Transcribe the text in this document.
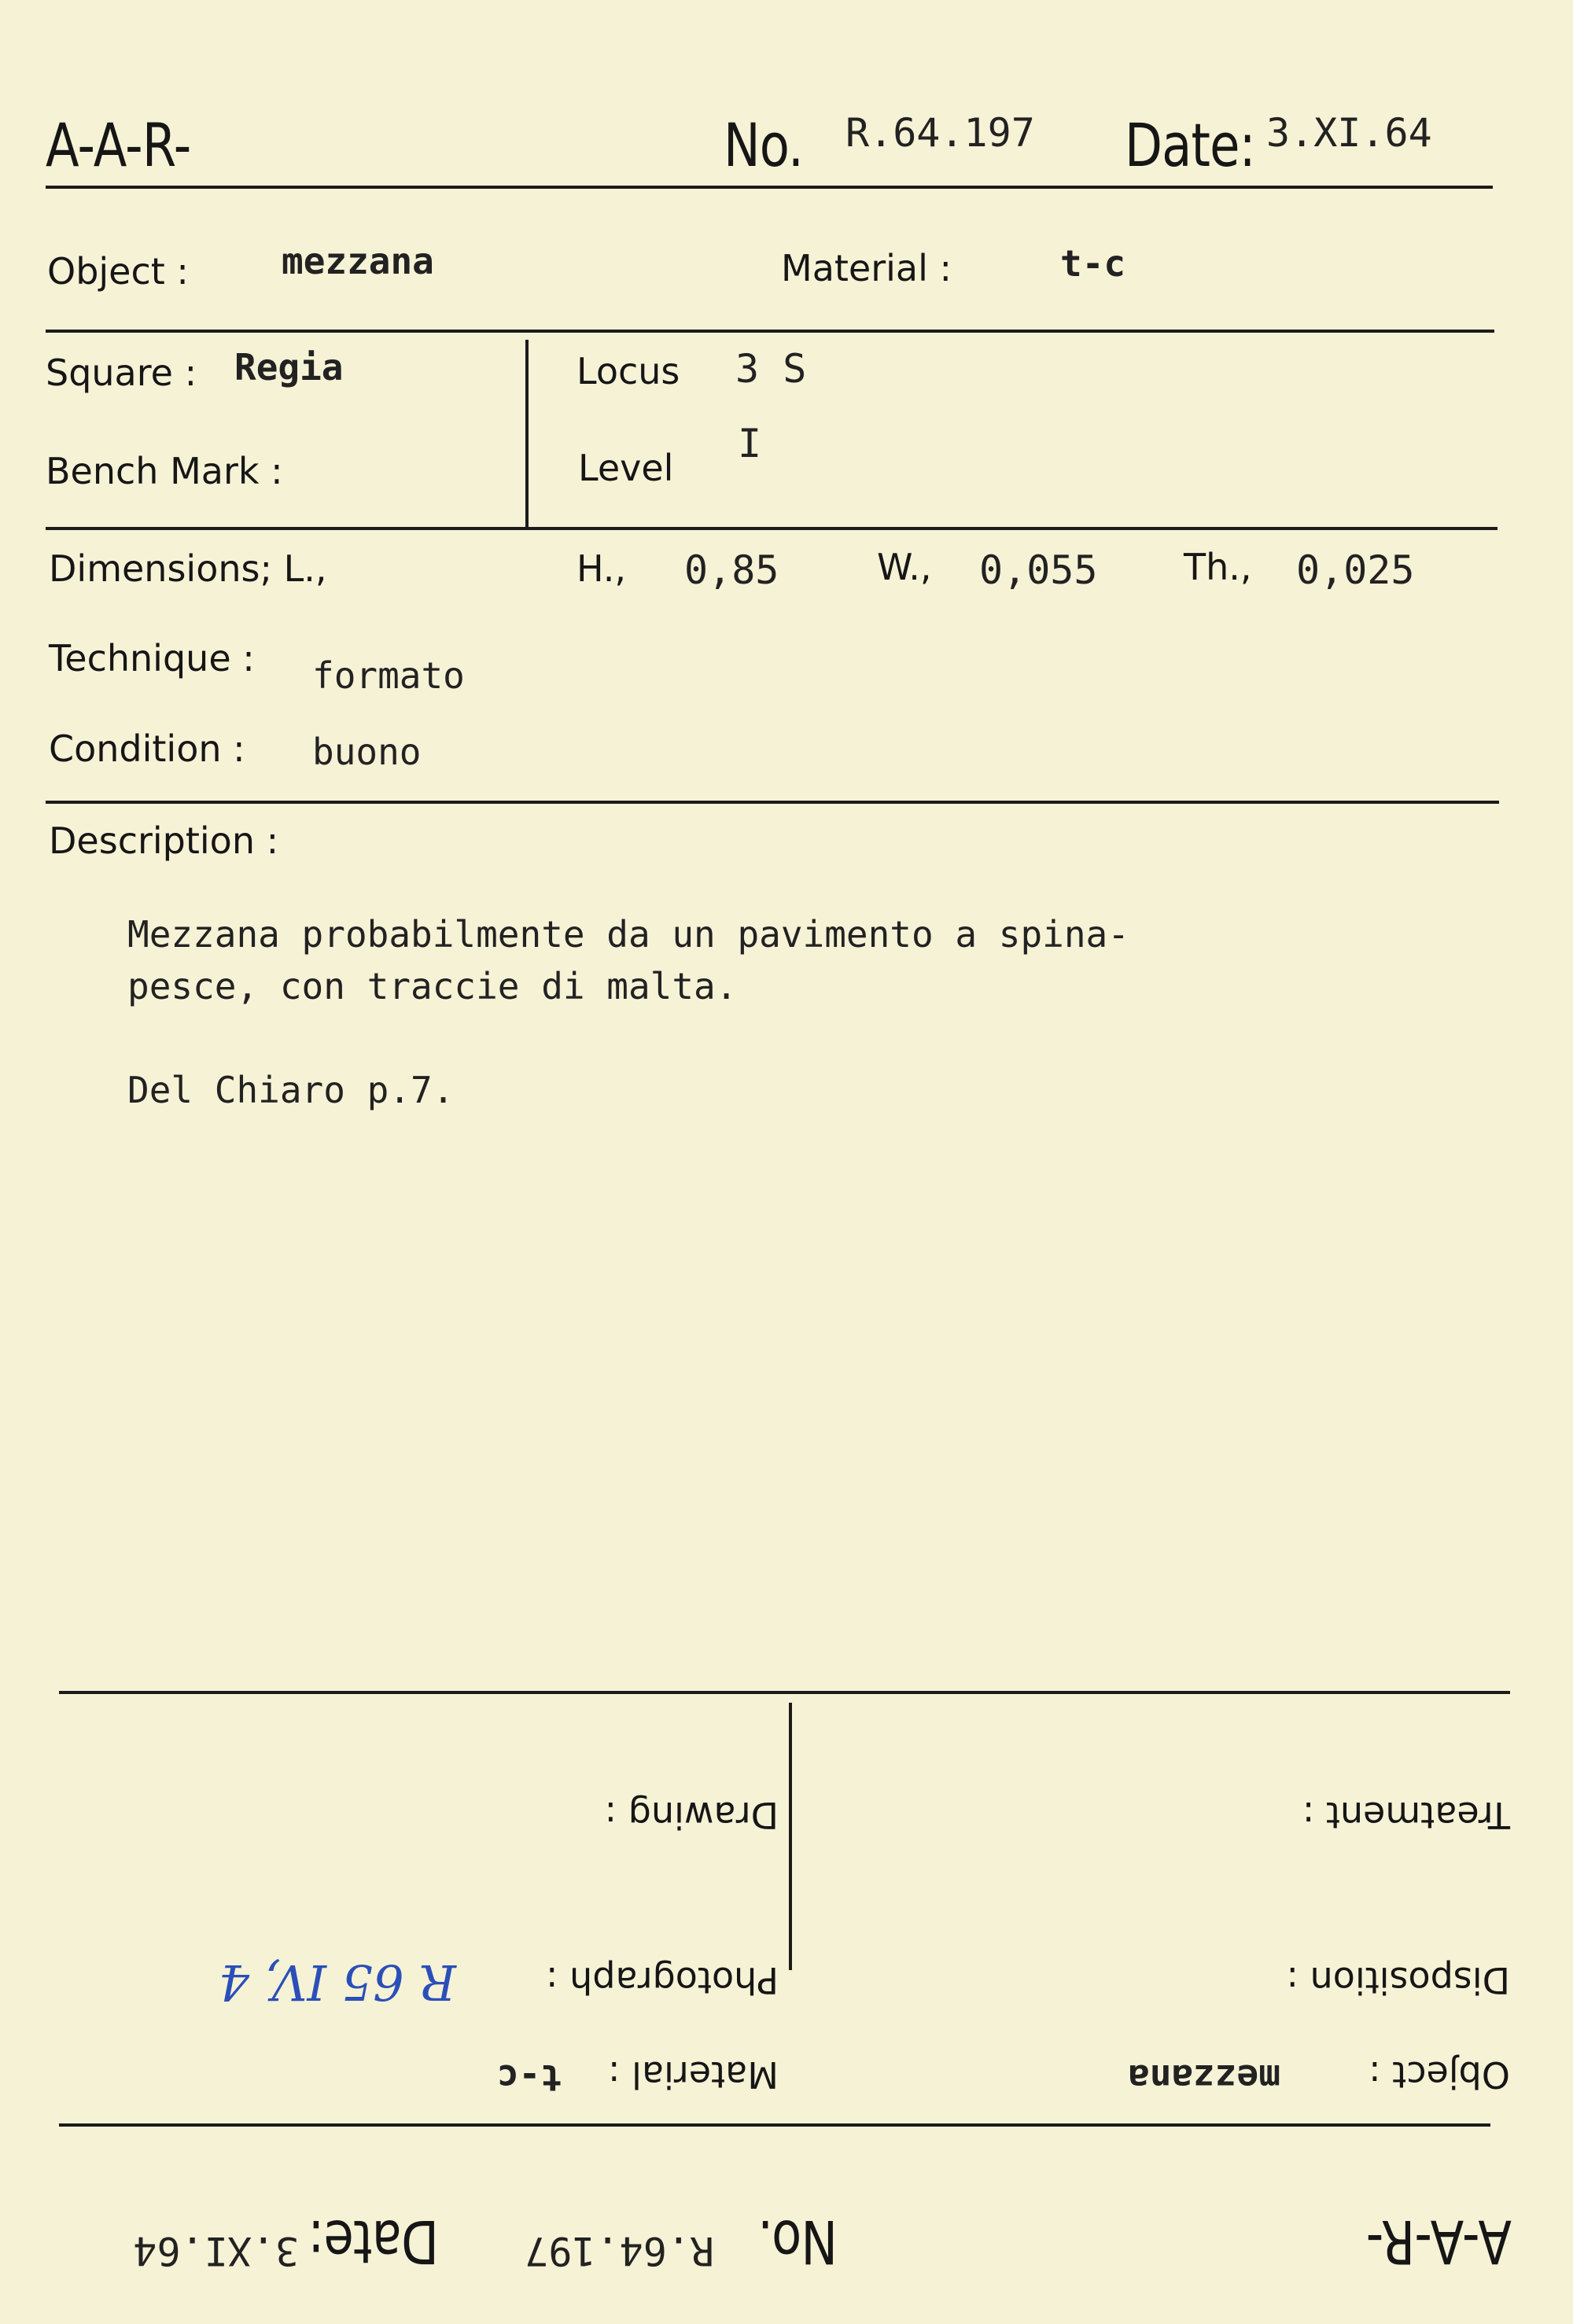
A-A-R-	No. R.64.197 Date: 3.XI.64
Object :	mezzana	Material :	t-c
Square : Regia
Bench Mark :
Locus 3 S
Level
I
Dimensions; L.,	H., 0,85	W., 0,055 Th., 0,025
Technique : formato
Condition : buono
Description :
Mezzana probabilmente da un pavimento a spina-
pesce, con traccie di malta.

Del Chiaro p.7.
A-A-R-
No.
R.64.197
Date:
3.XI.64
Object :
mezzana
Material :
t-c
Disposition :
Photograph :
R 65 IV, 4
Treatment :
Drawing :
